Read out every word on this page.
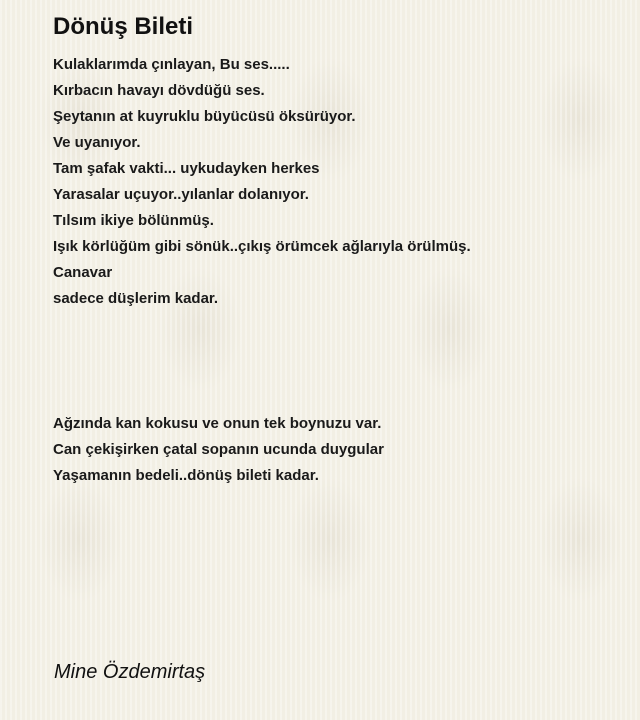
Dönüş Bileti
Kulaklarımda çınlayan, Bu ses.....
Kırbacın havayı dövdüğü ses.
Şeytanın at kuyruklu büyücüsü öksürüyor.
Ve uyanıyor.
Tam şafak vakti... uykudayken herkes
Yarasalar uçuyor..yılanlar dolanıyor.
Tılsım ikiye bölünmüş.
Işık körlüğüm gibi sönük..çıkış örümcek ağlarıyla örülmüş.
Canavar
sadece düşlerim kadar.
Ağzında kan kokusu ve onun tek boynuzu var.
Can çekişirken çatal sopanın ucunda duygular
Yaşamanın bedeli..dönüş bileti kadar.
Mine Özdemirtaş
